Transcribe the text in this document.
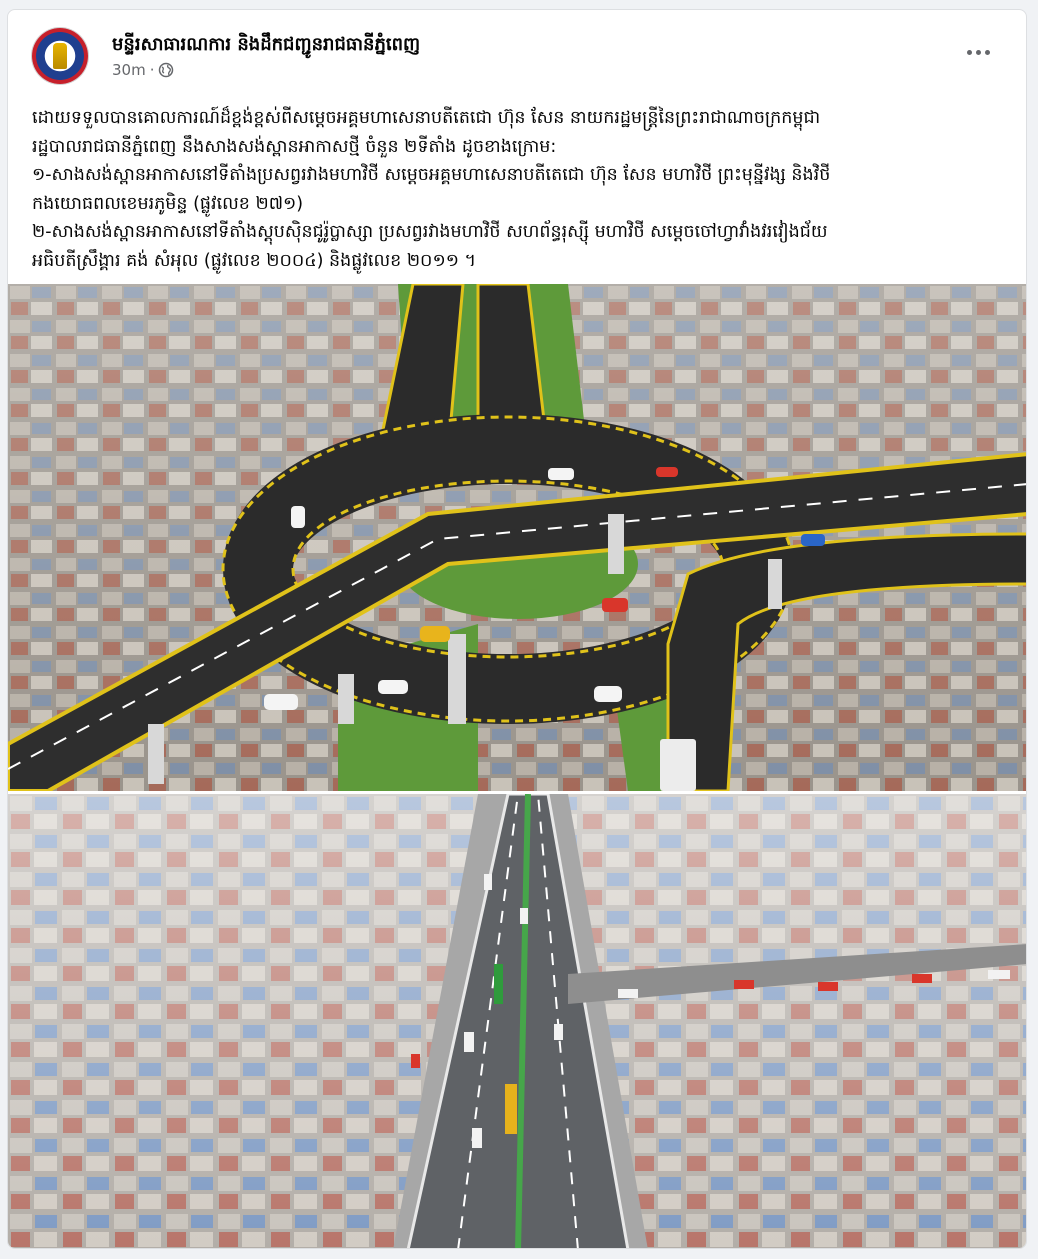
មន្ទីរសាធារណការ និងដឹកជញ្ជូនរាជធានីភ្នំពេញ
30m ·

ដោយទទួលបានគោលការណ៍ដ៏ខ្ពង់ខ្ពស់ពីសម្តេចអគ្គមហាសេនាបតីតេជោ ហ៊ុន សែន នាយករដ្ឋមន្ត្រីនៃព្រះរាជាណាចក្រកម្ពុជា

រដ្ឋបាលរាជធានីភ្នំពេញ នឹងសាងសង់ស្ពានអាកាសថ្មី ចំនួន ២ទីតាំង ដូចខាងក្រោម:

១-សាងសង់ស្ពានអាកាសនៅទីតាំងប្រសព្វរវាងមហាវិថី សម្តេចអគ្គមហាសេនាបតីតេជោ ហ៊ុន សែន មហាវិថី ព្រះមុន្នីវង្ស និងវិថី

កងយោធពលខេមរភូមិន្ទ (ផ្លូវលេខ ២៧១)

២-សាងសង់ស្ពានអាកាសនៅទីតាំងស្តុបស៊ិនជូរ៉ូប្លាស្សា ប្រសព្វរវាងមហាវិថី សហព័ន្ធរុស្ស៊ី មហាវិថី សម្តេចចៅហ្វាវាំងវរវៀងជ័យ

អធិបតីស្រឹង្គារ គង់ សំអុល (ផ្លូវលេខ ២០០៤) និងផ្លូវលេខ ២០១១ ។
